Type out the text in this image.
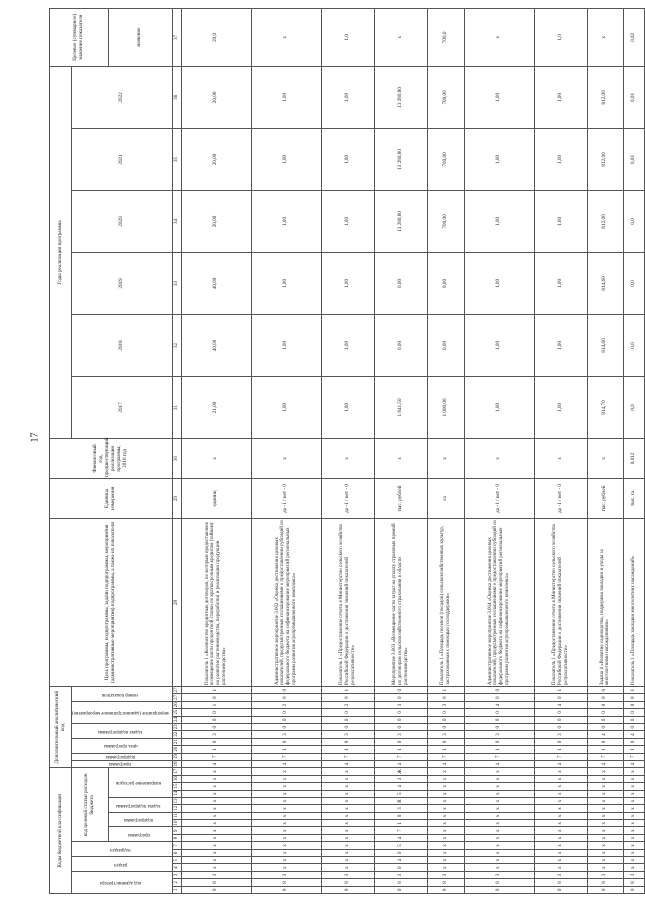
17
Коды бюджетной классификации																	Дополнительный аналитический код											Цель программы, подпрограммы, задачи подпрограммы, мероприятия (административные мероприятия) подпрограммы, а также их показатели	Единица измерения	Финансовый год, предшествующий реализации программы, 2016 год	Годы реализации программы						Целевое (суммарное) значение показателя
код администратора			раздел		подраздел		код целевой статьи расходов бюджета										программа	подпрограмма	цель программы		задача подпрограммы		мероприятие (административное мероприятие)			номер показателя					2017	2018	2019	2020	2021	2022	
							программа		подпрограмма		задача подпрограммы		направление расходов																								значение
1	2	3	4	5	6	7	8	9	10	11	12	13	14	15	16	17	18	19	20	21	22	23	24	25	26	27	27	28	29	30	31	32	33	34	35	36	37
0	8	3	x	x	x	x	x	x	x	x	x	x	x	x	x	x	4	7	1	0	3	0	0	0	1	0	1	Показатель 1 «Количество кредитных договоров, по которым предоставлено возмещение части процентной ставки по краткосрочным кредитам (займам) на развитие растениеводства, переработки и реализации продукции растениеводства»	единиц	x	21,00	40,00	40,00	20,00	20,00	20,00	20,0
0	8	3	x	x	x	x	x	x	x	x	x	x	x	x	x	x	4	7	1	0	3	0	0	0	2	0	0	Административное мероприятие 3.002 «Оценка достижения целевых показателей, предусмотренных соглашениями о предоставлении субсидий из федерального бюджета на софинансирование мероприятий региональных программ развития агропромышленного комплекса»	да -1 / нет - 0	x	1,00	1,00	1,00	1,00	1,00	1,00	x
0	8	3	x	x	x	x	x	x	x	x	x	x	x	x	x	x	4	7	1	0	3	0	0	0	2	0	1	Показатель 1 «Предоставление отчета в Министерство сельского хозяйства Российской Федерации о достижении значений показателей результативности»	да -1 / нет - 0	x	1,00	1,00	1,00	1,00	1,00	1,00	1,0
0	8	3	0	4	0	5	4	7	1	0	3	R	5	4	3	Ж	4	7	1	0	3	0	0	0	3	0	0	Мероприятие 3.003 «Возмещение части затрат на уплату страховых премий по договорам сельскохозяйственного страхования в области растениеводства»	тыс. рублей	x	1 841,50	0,00	0,00	13 280,80	13 280,80	13 280,80	x
0	8	3	x	x	x	x	x	x	x	x	x	x	x	x	x	x	4	7	1	0	3	0	0	0	3	0	1	Показатель 1 «Площадь посевов (посадок) сельскохозяйственных культур, застрахованная с помощью господдержки»	га	x	1 000,00	0,00	0,00	700,00	700,00	700,00	700,0
0	8	3	x	x	x	x	x	x	x	x	x	x	x	x	x	x	4	7	1	0	3	0	0	0	4	0	0	Административное мероприятие 3.004 «Оценка достижения целевых показателей, предусмотренных соглашениями о предоставлении субсидий из федерального бюджета на софинансирование мероприятий региональных программ развития агропромышленного комплекса»	да -1 / нет - 0	x	1,00	1,00	1,00	1,00	1,00	1,00	x
0	8	3	x	x	x	x	x	x	x	x	x	x	x	x	x	x	4	7	1	0	3	0	0	0	4	0	1	Показатель 1 «Предоставление отчета в Министерство сельского хозяйства Российской Федерации о достижении значений показателей результативности»	да -1 / нет - 0	x	1,00	1,00	1,00	1,00	1,00	1,00	1,0
0	8	3	x	x	x	x	x	x	x	x	x	x	x	x	x	x	4	7	1	0	4	0	0	0	0	0	0	Задача 4 «Развитие садоводства, поддержка закладки и ухода за многолетними насаждениями»	тыс. рублей	x	814,70	814,60	814,60	812,00	812,00	812,00	x
0	8	3	x	x	x	x	x	x	x	x	x	x	x	x	x	x	4	7	1	0	4	0	0	0	0	0	1	Показатель 1 «Площадь закладки многолетних насаждений»	тыс. га	0,012	0,0	0,0	0,0	0,0	0,01	0,01	0,02
